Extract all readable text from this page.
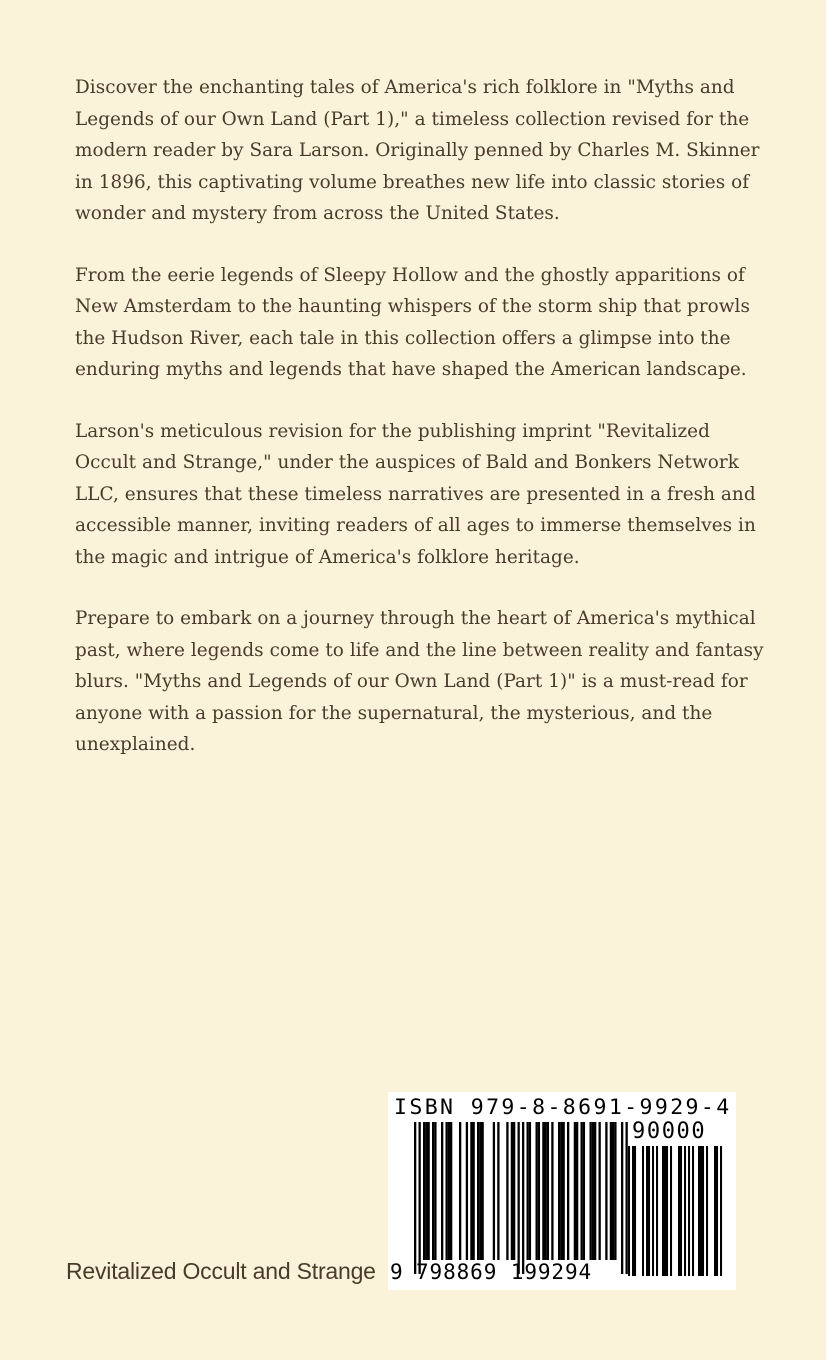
Discover the enchanting tales of America's rich folklore in "Myths and Legends of our Own Land (Part 1)," a timeless collection revised for the modern reader by Sara Larson. Originally penned by Charles M. Skinner in 1896, this captivating volume breathes new life into classic stories of wonder and mystery from across the United States.

From the eerie legends of Sleepy Hollow and the ghostly apparitions of New Amsterdam to the haunting whispers of the storm ship that prowls the Hudson River, each tale in this collection offers a glimpse into the enduring myths and legends that have shaped the American landscape.

Larson's meticulous revision for the publishing imprint "Revitalized Occult and Strange," under the auspices of Bald and Bonkers Network LLC, ensures that these timeless narratives are presented in a fresh and accessible manner, inviting readers of all ages to immerse themselves in the magic and intrigue of America's folklore heritage.

Prepare to embark on a journey through the heart of America's mythical past, where legends come to life and the line between reality and fantasy blurs. "Myths and Legends of our Own Land (Part 1)" is a must-read for anyone with a passion for the supernatural, the mysterious, and the unexplained.

Revitalized Occult and Strange
ISBN 979-8-8691-9929-4
90000
9 798869 199294
